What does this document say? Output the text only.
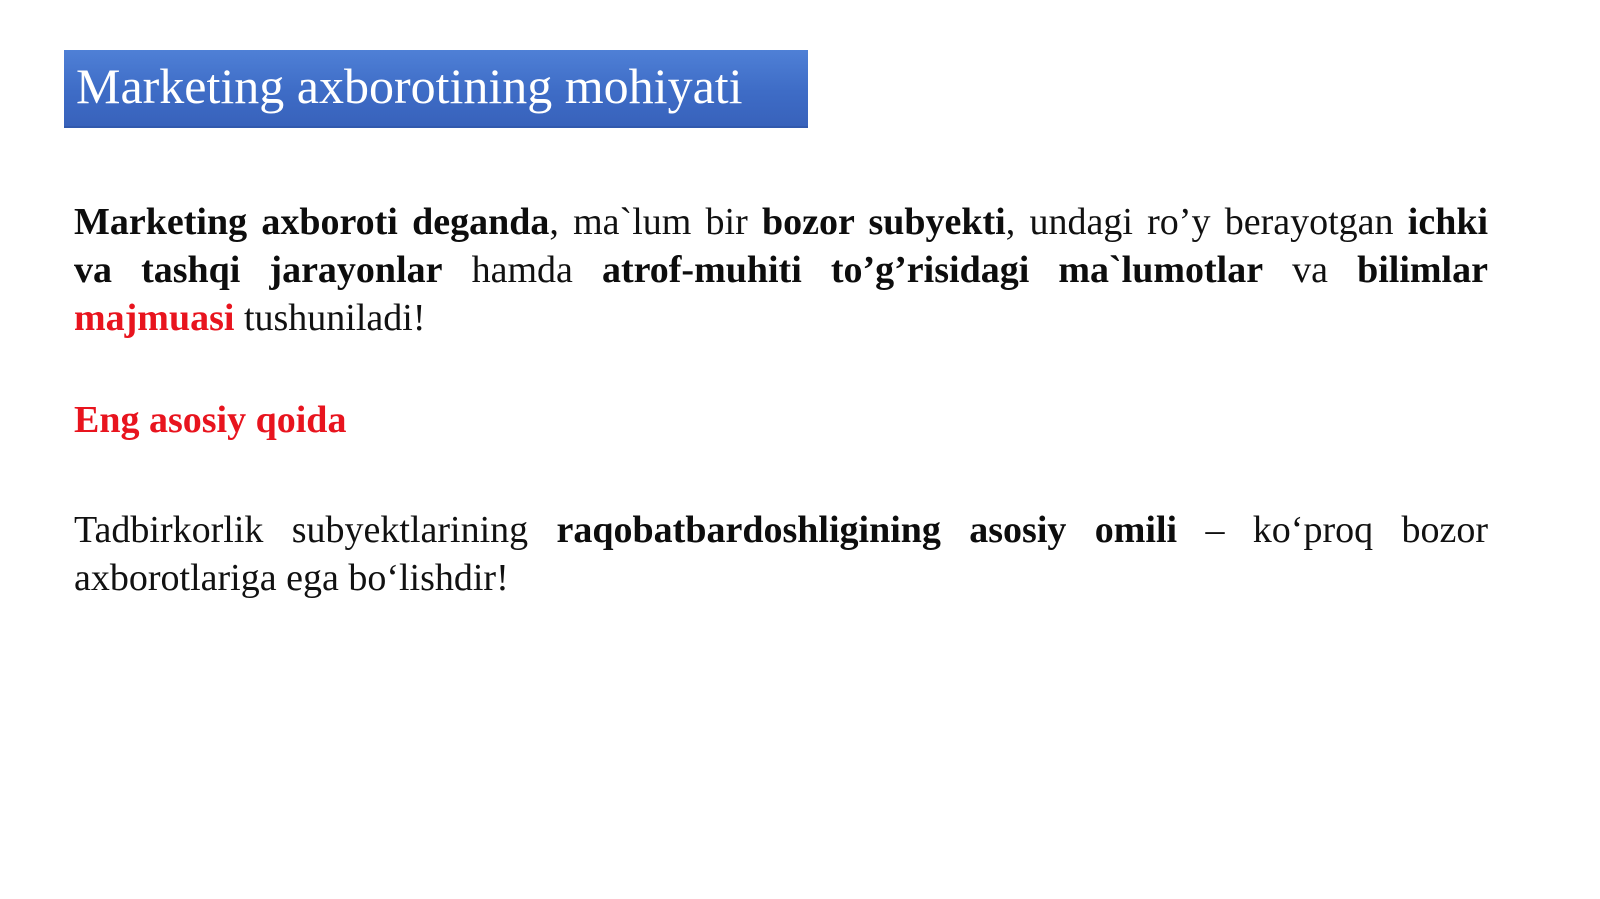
Marketing axborotining mohiyati
Marketing axboroti deganda, ma`lum bir bozor subyekti, undagi ro’y berayotgan ichki va tashqi jarayonlar hamda atrof-muhiti to’g’risidagi ma`lumotlar va bilimlar majmuasi tushuniladi!
Eng asosiy qoida
Tadbirkorlik subyektlarining raqobatbardoshligining asosiy omili – ko‘proq bozor axborotlariga ega bo‘lishdir!
